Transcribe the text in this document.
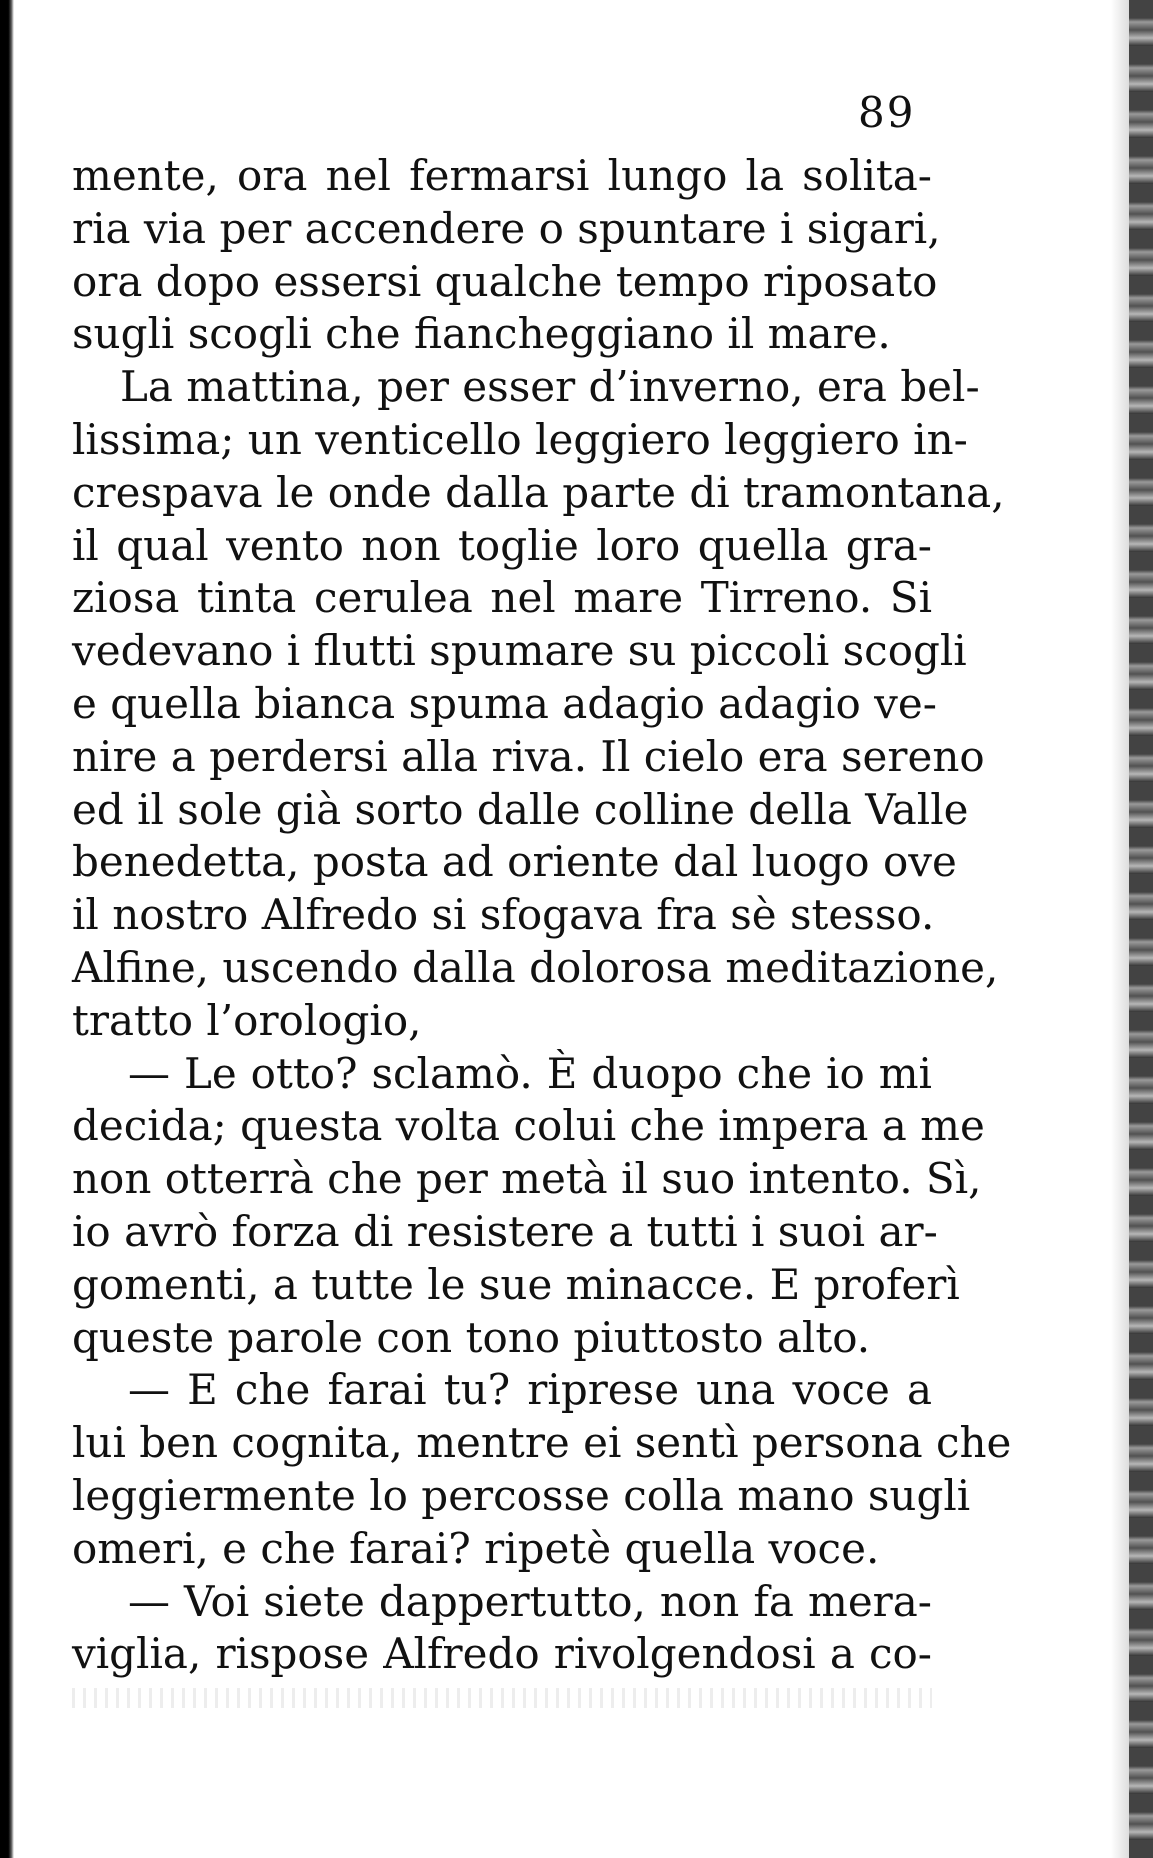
89
mente, ora nel fermarsi lungo la solita-
ria via per accendere o spuntare i sigari,
ora dopo essersi qualche tempo riposato
sugli scogli che fiancheggiano il mare.
La mattina, per esser d’inverno, era bel-
lissima; un venticello leggiero leggiero in-
crespava le onde dalla parte di tramontana,
il qual vento non toglie loro quella gra-
ziosa tinta cerulea nel mare Tirreno. Si
vedevano i flutti spumare su piccoli scogli
e quella bianca spuma adagio adagio ve-
nire a perdersi alla riva. Il cielo era sereno
ed il sole già sorto dalle colline della Valle
benedetta, posta ad oriente dal luogo ove
il nostro Alfredo si sfogava fra sè stesso.
Alfine, uscendo dalla dolorosa meditazione,
tratto l’orologio,
— Le otto? sclamò. È duopo che io mi
decida; questa volta colui che impera a me
non otterrà che per metà il suo intento. Sì,
io avrò forza di resistere a tutti i suoi ar-
gomenti, a tutte le sue minacce. E proferì
queste parole con tono piuttosto alto.
— E che farai tu? riprese una voce a
lui ben cognita, mentre ei sentì persona che
leggiermente lo percosse colla mano sugli
omeri, e che farai? ripetè quella voce.
— Voi siete dappertutto, non fa mera-
viglia, rispose Alfredo rivolgendosi a co-
